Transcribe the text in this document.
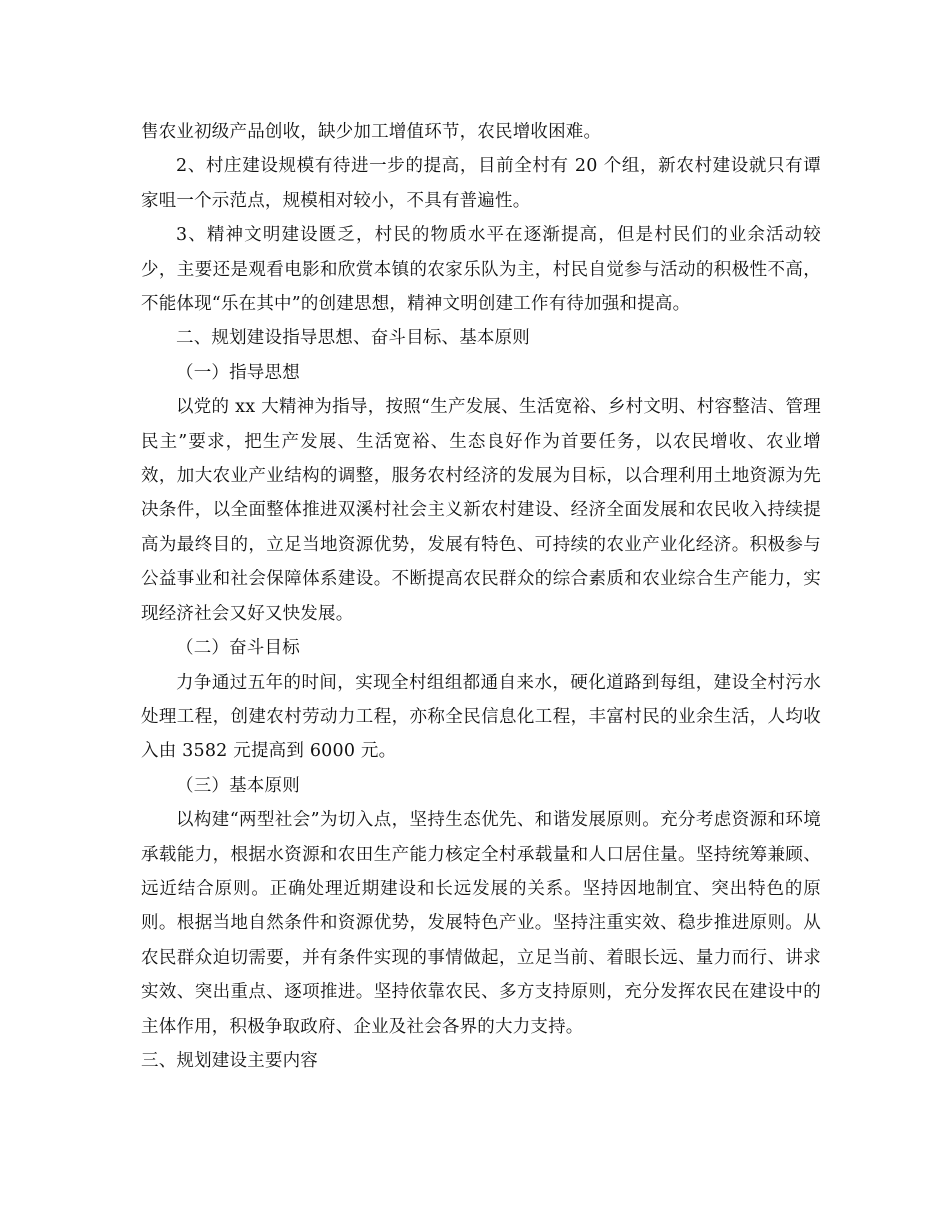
售农业初级产品创收，缺少加工增值环节，农民增收困难。

2、村庄建设规模有待进一步的提高，目前全村有 20 个组，新农村建设就只有谭家咀一个示范点，规模相对较小，不具有普遍性。

3、精神文明建设匮乏，村民的物质水平在逐渐提高，但是村民们的业余活动较少，主要还是观看电影和欣赏本镇的农家乐队为主，村民自觉参与活动的积极性不高，不能体现“乐在其中”的创建思想，精神文明创建工作有待加强和提高。

二、规划建设指导思想、奋斗目标、基本原则

（一）指导思想

以党的 xx 大精神为指导，按照“生产发展、生活宽裕、乡村文明、村容整洁、管理民主”要求，把生产发展、生活宽裕、生态良好作为首要任务，以农民增收、农业增效，加大农业产业结构的调整，服务农村经济的发展为目标，以合理利用土地资源为先决条件，以全面整体推进双溪村社会主义新农村建设、经济全面发展和农民收入持续提高为最终目的，立足当地资源优势，发展有特色、可持续的农业产业化经济。积极参与公益事业和社会保障体系建设。不断提高农民群众的综合素质和农业综合生产能力，实现经济社会又好又快发展。

（二）奋斗目标

力争通过五年的时间，实现全村组组都通自来水，硬化道路到每组，建设全村污水处理工程，创建农村劳动力工程，亦称全民信息化工程，丰富村民的业余生活，人均收入由 3582 元提高到 6000 元。

（三）基本原则

以构建“两型社会”为切入点，坚持生态优先、和谐发展原则。充分考虑资源和环境承载能力，根据水资源和农田生产能力核定全村承载量和人口居住量。坚持统筹兼顾、远近结合原则。正确处理近期建设和长远发展的关系。坚持因地制宜、突出特色的原则。根据当地自然条件和资源优势，发展特色产业。坚持注重实效、稳步推进原则。从农民群众迫切需要，并有条件实现的事情做起，立足当前、着眼长远、量力而行、讲求实效、突出重点、逐项推进。坚持依靠农民、多方支持原则，充分发挥农民在建设中的主体作用，积极争取政府、企业及社会各界的大力支持。

三、规划建设主要内容
